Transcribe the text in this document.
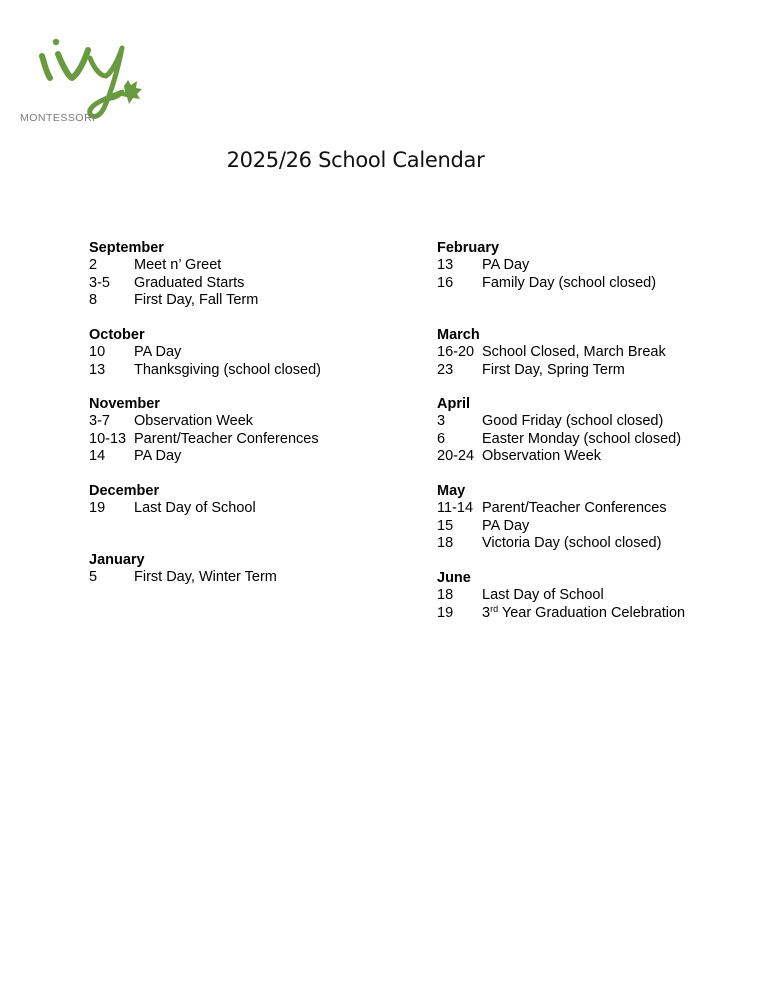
MONTESSORI
2025/26 School Calendar
September
2	Meet n’ Greet
3-5	Graduated Starts
8	First Day, Fall Term
October
10	PA Day
13	Thanksgiving (school closed)
November
3-7	Observation Week
10-13 Parent/Teacher Conferences
14	PA Day
December
19	Last Day of School
January
5	First Day, Winter Term
February
13	PA Day
16	Family Day (school closed)
March
16-20 School Closed, March Break
23	First Day, Spring Term
April
3	Good Friday (school closed)
6	Easter Monday (school closed)
20-24 Observation Week
May
11-14 Parent/Teacher Conferences
15	PA Day
18	Victoria Day (school closed)
June
18	Last Day of School
19	3rd Year Graduation Celebration
